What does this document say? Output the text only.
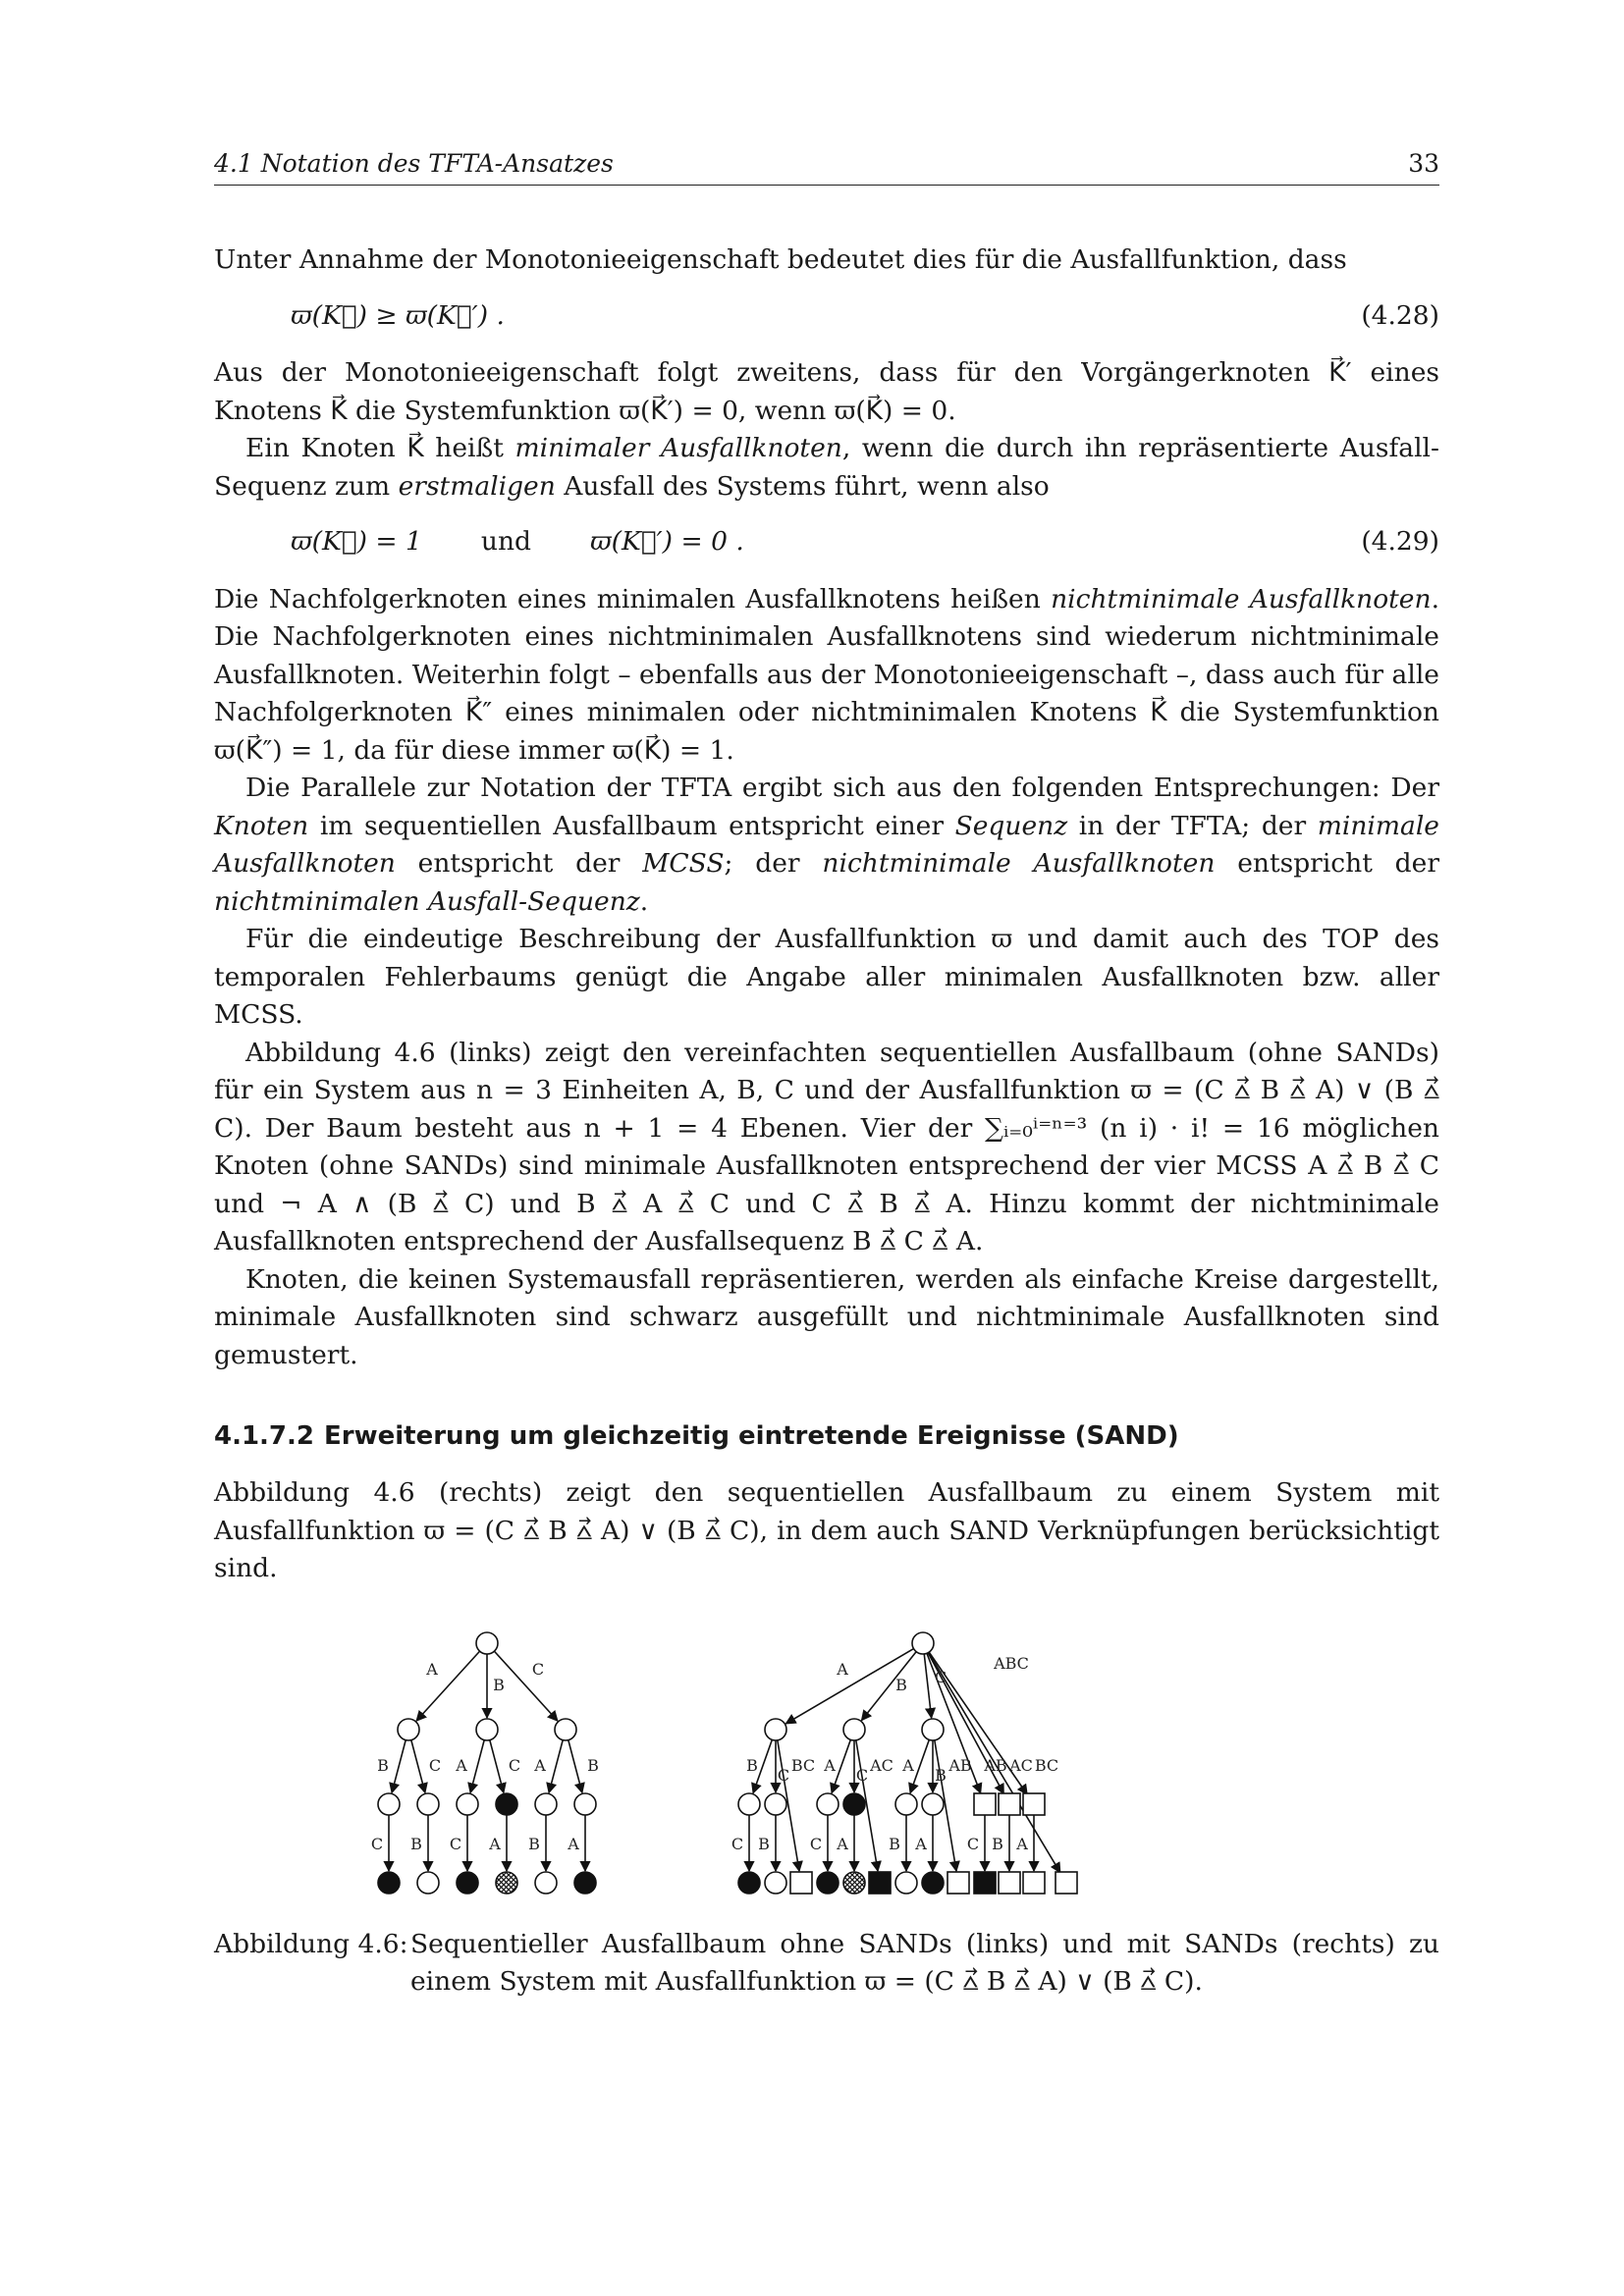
4.1 Notation des TFTA-Ansatzes	33

Unter Annahme der Monotonieeigenschaft bedeutet dies für die Ausfallfunktion, dass

ϖ(K⃗) ≥ ϖ(K⃗′) .	(4.28)

Aus der Monotonieeigenschaft folgt zweitens, dass für den Vorgängerknoten K⃗′ eines Knotens K⃗ die Systemfunktion ϖ(K⃗′) = 0, wenn ϖ(K⃗) = 0.

Ein Knoten K⃗ heißt minimaler Ausfallknoten, wenn die durch ihn repräsentierte Ausfall-Sequenz zum erstmaligen Ausfall des Systems führt, wenn also

ϖ(K⃗) = 1 und ϖ(K⃗′) = 0 .	(4.29)

Die Nachfolgerknoten eines minimalen Ausfallknotens heißen nichtminimale Ausfallknoten. Die Nachfolgerknoten eines nichtminimalen Ausfallknotens sind wiederum nichtminimale Ausfallknoten. Weiterhin folgt – ebenfalls aus der Monotonieeigenschaft –, dass auch für alle Nachfolgerknoten K⃗″ eines minimalen oder nichtminimalen Knotens K⃗ die Systemfunktion ϖ(K⃗″) = 1, da für diese immer ϖ(K⃗) = 1.

Die Parallele zur Notation der TFTA ergibt sich aus den folgenden Entsprechungen: Der Knoten im sequentiellen Ausfallbaum entspricht einer Sequenz in der TFTA; der minimale Ausfallknoten entspricht der MCSS; der nichtminimale Ausfallknoten entspricht der nichtminimalen Ausfall-Sequenz.

Für die eindeutige Beschreibung der Ausfallfunktion ϖ und damit auch des TOP des temporalen Fehlerbaums genügt die Angabe aller minimalen Ausfallknoten bzw. aller MCSS.

Abbildung 4.6 (links) zeigt den vereinfachten sequentiellen Ausfallbaum (ohne SANDs) für ein System aus n = 3 Einheiten A, B, C und der Ausfallfunktion ϖ = (C ⩟⃗ B ⩟⃗ A) ∨ (B ⩟⃗ C). Der Baum besteht aus n + 1 = 4 Ebenen. Vier der ∑ᵢ₌₀ⁱ⁼ⁿ⁼³ (n i) · i! = 16 möglichen Knoten (ohne SANDs) sind minimale Ausfallknoten entsprechend der vier MCSS A ⩟⃗ B ⩟⃗ C und ¬ A ∧ (B ⩟⃗ C) und B ⩟⃗ A ⩟⃗ C und C ⩟⃗ B ⩟⃗ A. Hinzu kommt der nichtminimale Ausfallknoten entsprechend der Ausfallsequenz B ⩟⃗ C ⩟⃗ A.

Knoten, die keinen Systemausfall repräsentieren, werden als einfache Kreise dargestellt, minimale Ausfallknoten sind schwarz ausgefüllt und nichtminimale Ausfallknoten sind gemustert.

4.1.7.2 Erweiterung um gleichzeitig eintretende Ereignisse (SAND)

Abbildung 4.6 (rechts) zeigt den sequentiellen Ausfallbaum zu einem System mit Ausfallfunktion ϖ = (C ⩟⃗ B ⩟⃗ A) ∨ (B ⩟⃗ C), in dem auch SAND Verknüpfungen berücksichtigt sind.

A
B
C
B	C A	C A	B
C B C A B A
A
B C
ABC
AB AC BC
B
C
BC A
C
AC A
B
AB
C B	C A	B A	C B A
Abbildung 4.6: Sequentieller Ausfallbaum ohne SANDs (links) und mit SANDs (rechts) zu einem System mit Ausfallfunktion ϖ = (C ⩟⃗ B ⩟⃗ A) ∨ (B ⩟⃗ C).
